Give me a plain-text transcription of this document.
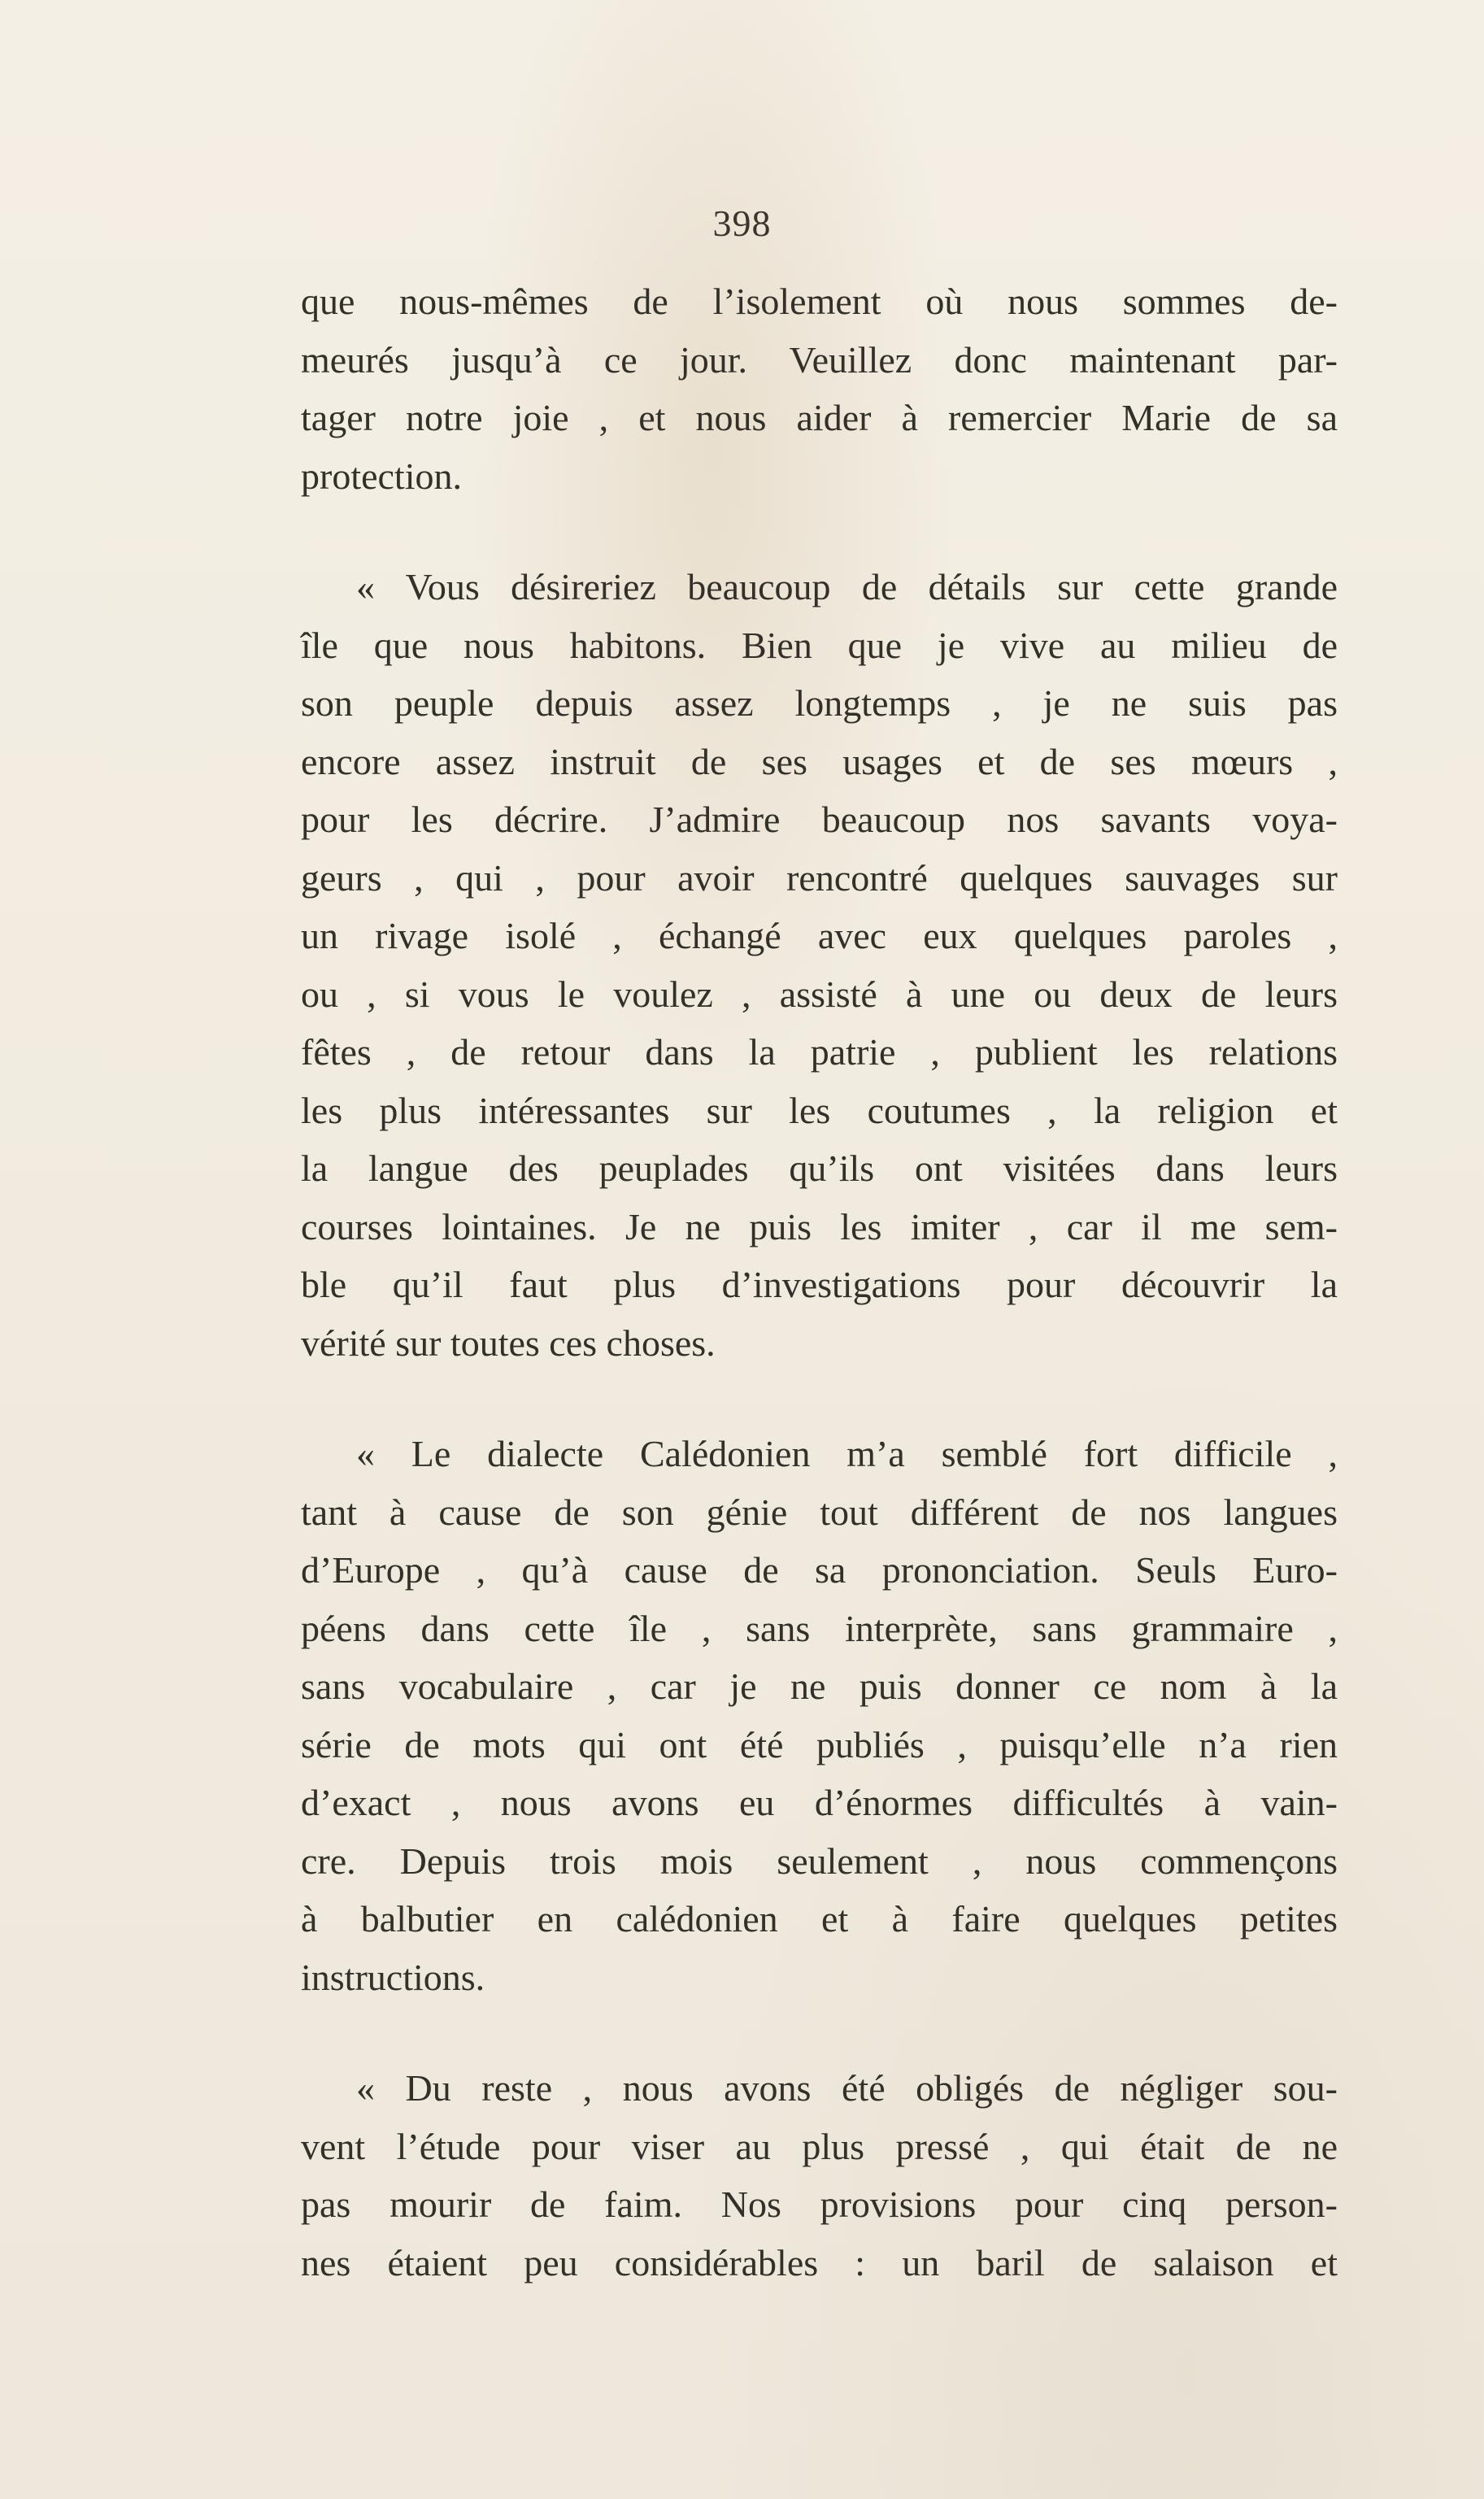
398

que nous-mêmes de l’isolement où nous sommes de-
meurés jusqu’à ce jour. Veuillez donc maintenant par-
tager notre joie , et nous aider à remercier Marie de sa
protection.

« Vous désireriez beaucoup de détails sur cette grande
île que nous habitons. Bien que je vive au milieu de
son peuple depuis assez longtemps , je ne suis pas
encore assez instruit de ses usages et de ses mœurs ,
pour les décrire. J’admire beaucoup nos savants voya-
geurs , qui , pour avoir rencontré quelques sauvages sur
un rivage isolé , échangé avec eux quelques paroles ,
ou , si vous le voulez , assisté à une ou deux de leurs
fêtes , de retour dans la patrie , publient les relations
les plus intéressantes sur les coutumes , la religion et
la langue des peuplades qu’ils ont visitées dans leurs
courses lointaines. Je ne puis les imiter , car il me sem-
ble qu’il faut plus d’investigations pour découvrir la
vérité sur toutes ces choses.

« Le dialecte Calédonien m’a semblé fort difficile ,
tant à cause de son génie tout différent de nos langues
d’Europe , qu’à cause de sa prononciation. Seuls Euro-
péens dans cette île , sans interprète, sans grammaire ,
sans vocabulaire , car je ne puis donner ce nom à la
série de mots qui ont été publiés , puisqu’elle n’a rien
d’exact , nous avons eu d’énormes difficultés à vain-
cre. Depuis trois mois seulement , nous commençons
à balbutier en calédonien et à faire quelques petites
instructions.

« Du reste , nous avons été obligés de négliger sou-
vent l’étude pour viser au plus pressé , qui était de ne
pas mourir de faim. Nos provisions pour cinq person-
nes étaient peu considérables : un baril de salaison et
